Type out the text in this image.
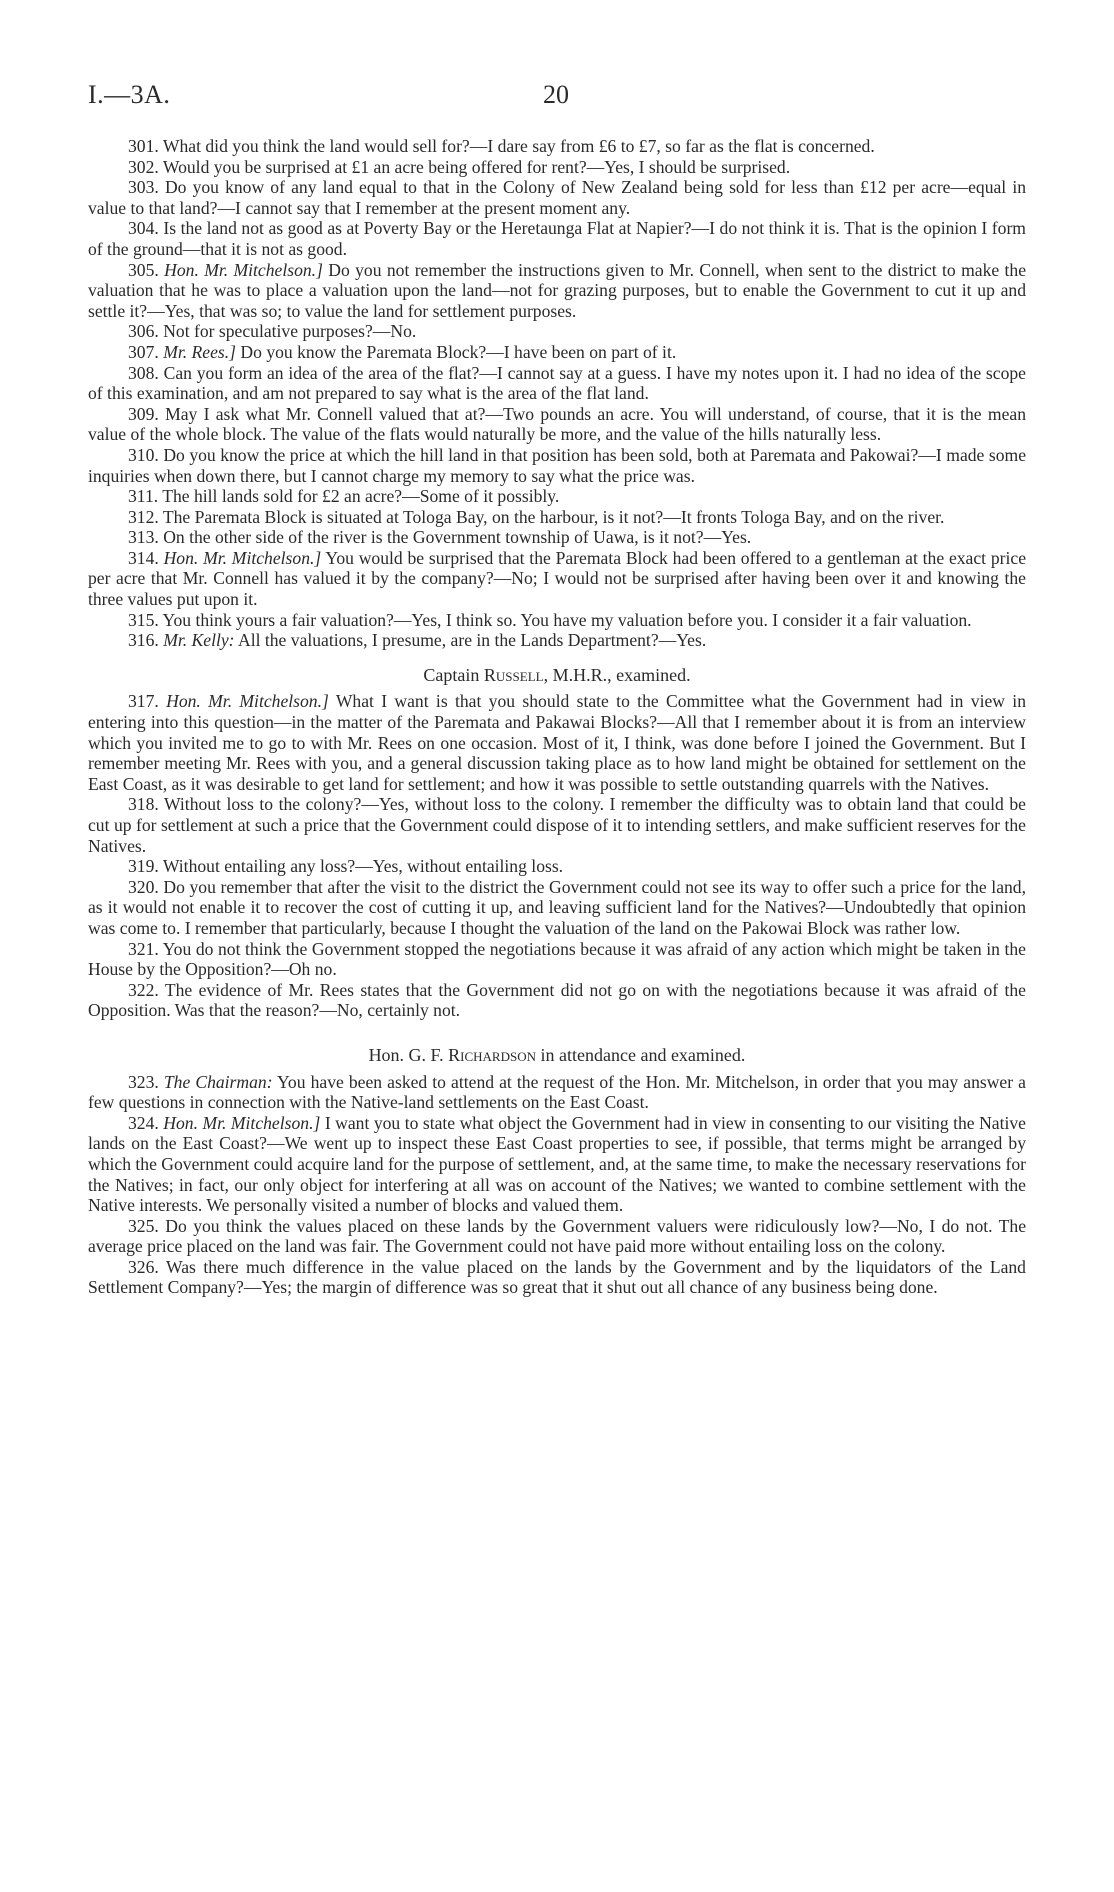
I.—3A.	20

301. What did you think the land would sell for?—I dare say from £6 to £7, so far as the flat is concerned.

302. Would you be surprised at £1 an acre being offered for rent?—Yes, I should be surprised.

303. Do you know of any land equal to that in the Colony of New Zealand being sold for less than £12 per acre—equal in value to that land?—I cannot say that I remember at the present moment any.

304. Is the land not as good as at Poverty Bay or the Heretaunga Flat at Napier?—I do not think it is. That is the opinion I form of the ground—that it is not as good.

305. Hon. Mr. Mitchelson.] Do you not remember the instructions given to Mr. Connell, when sent to the district to make the valuation that he was to place a valuation upon the land—not for grazing purposes, but to enable the Government to cut it up and settle it?—Yes, that was so; to value the land for settlement purposes.

306. Not for speculative purposes?—No.

307. Mr. Rees.] Do you know the Paremata Block?—I have been on part of it.

308. Can you form an idea of the area of the flat?—I cannot say at a guess. I have my notes upon it. I had no idea of the scope of this examination, and am not prepared to say what is the area of the flat land.

309. May I ask what Mr. Connell valued that at?—Two pounds an acre. You will understand, of course, that it is the mean value of the whole block. The value of the flats would naturally be more, and the value of the hills naturally less.

310. Do you know the price at which the hill land in that position has been sold, both at Paremata and Pakowai?—I made some inquiries when down there, but I cannot charge my memory to say what the price was.

311. The hill lands sold for £2 an acre?—Some of it possibly.

312. The Paremata Block is situated at Tologa Bay, on the harbour, is it not?—It fronts Tologa Bay, and on the river.

313. On the other side of the river is the Government township of Uawa, is it not?—Yes.

314. Hon. Mr. Mitchelson.] You would be surprised that the Paremata Block had been offered to a gentleman at the exact price per acre that Mr. Connell has valued it by the company?—No; I would not be surprised after having been over it and knowing the three values put upon it.

315. You think yours a fair valuation?—Yes, I think so. You have my valuation before you. I consider it a fair valuation.

316. Mr. Kelly: All the valuations, I presume, are in the Lands Department?—Yes.

Captain Russell, M.H.R., examined.

317. Hon. Mr. Mitchelson.] What I want is that you should state to the Committee what the Government had in view in entering into this question—in the matter of the Paremata and Pakawai Blocks?—All that I remember about it is from an interview which you invited me to go to with Mr. Rees on one occasion. Most of it, I think, was done before I joined the Government. But I remember meeting Mr. Rees with you, and a general discussion taking place as to how land might be obtained for settlement on the East Coast, as it was desirable to get land for settlement; and how it was possible to settle outstanding quarrels with the Natives.

318. Without loss to the colony?—Yes, without loss to the colony. I remember the difficulty was to obtain land that could be cut up for settlement at such a price that the Government could dispose of it to intending settlers, and make sufficient reserves for the Natives.

319. Without entailing any loss?—Yes, without entailing loss.

320. Do you remember that after the visit to the district the Government could not see its way to offer such a price for the land, as it would not enable it to recover the cost of cutting it up, and leaving sufficient land for the Natives?—Undoubtedly that opinion was come to. I remember that particularly, because I thought the valuation of the land on the Pakowai Block was rather low.

321. You do not think the Government stopped the negotiations because it was afraid of any action which might be taken in the House by the Opposition?—Oh no.

322. The evidence of Mr. Rees states that the Government did not go on with the negotiations because it was afraid of the Opposition. Was that the reason?—No, certainly not.

Hon. G. F. Richardson in attendance and examined.

323. The Chairman: You have been asked to attend at the request of the Hon. Mr. Mitchelson, in order that you may answer a few questions in connection with the Native-land settlements on the East Coast.

324. Hon. Mr. Mitchelson.] I want you to state what object the Government had in view in consenting to our visiting the Native lands on the East Coast?—We went up to inspect these East Coast properties to see, if possible, that terms might be arranged by which the Government could acquire land for the purpose of settlement, and, at the same time, to make the necessary reservations for the Natives; in fact, our only object for interfering at all was on account of the Natives; we wanted to combine settlement with the Native interests. We personally visited a number of blocks and valued them.

325. Do you think the values placed on these lands by the Government valuers were ridiculously low?—No, I do not. The average price placed on the land was fair. The Government could not have paid more without entailing loss on the colony.

326. Was there much difference in the value placed on the lands by the Government and by the liquidators of the Land Settlement Company?—Yes; the margin of difference was so great that it shut out all chance of any business being done.
